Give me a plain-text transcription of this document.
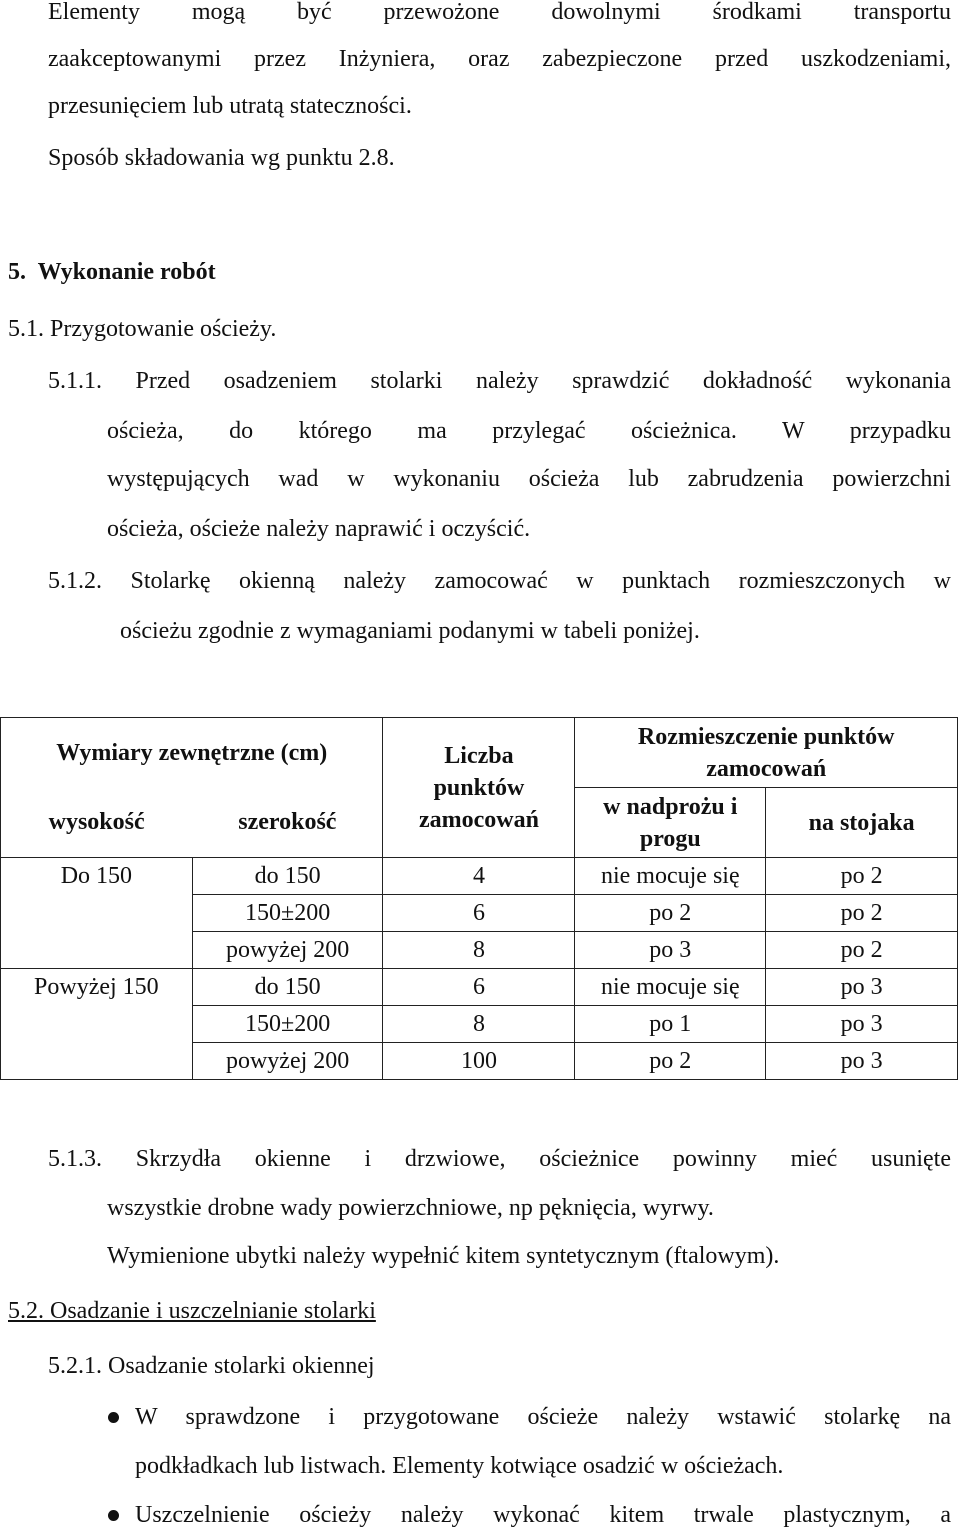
Elementy mogą być przewożone dowolnymi środkami transportu
zaakceptowanymi przez Inżyniera, oraz zabezpieczone przed uszkodzeniami,
przesunięciem lub utratą stateczności.
Sposób składowania wg punktu 2.8.
5.  Wykonanie robót
5.1. Przygotowanie ościeży.
5.1.1. Przed osadzeniem stolarki należy sprawdzić dokładność wykonania
ościeża, do którego ma przylegać ościeżnica. W przypadku
występujących wad w wykonaniu ościeża lub zabrudzenia powierzchni
ościeża, ościeże należy naprawić i oczyścić.
5.1.2. Stolarkę okienną należy zamocować w punktach rozmieszczonych w
ościeżu zgodnie z wymaganiami podanymi w tabeli poniżej.
Wymiary zewnętrzne (cm)		Liczba punktów zamocowań	Rozmieszczenie punktów zamocowań	
wysokość	szerokość		w nadprożu i progu	na stojaka
Do 150	do 150	4	nie mocuje się	po 2
	150±200	6	po 2	po 2
	powyżej 200	8	po 3	po 2
Powyżej 150	do 150	6	nie mocuje się	po 3
	150±200	8	po 1	po 3
	powyżej 200	100	po 2	po 3
5.1.3. Skrzydła okienne i drzwiowe, ościeżnice powinny mieć usunięte
wszystkie drobne wady powierzchniowe, np pęknięcia, wyrwy.
Wymienione ubytki należy wypełnić kitem syntetycznym (ftalowym).
5.2. Osadzanie i uszczelnianie stolarki
5.2.1. Osadzanie stolarki okiennej
W sprawdzone i przygotowane ościeże należy wstawić stolarkę na
podkładkach lub listwach. Elementy kotwiące osadzić w ościeżach.
Uszczelnienie ościeży należy wykonać kitem trwale plastycznym, a
